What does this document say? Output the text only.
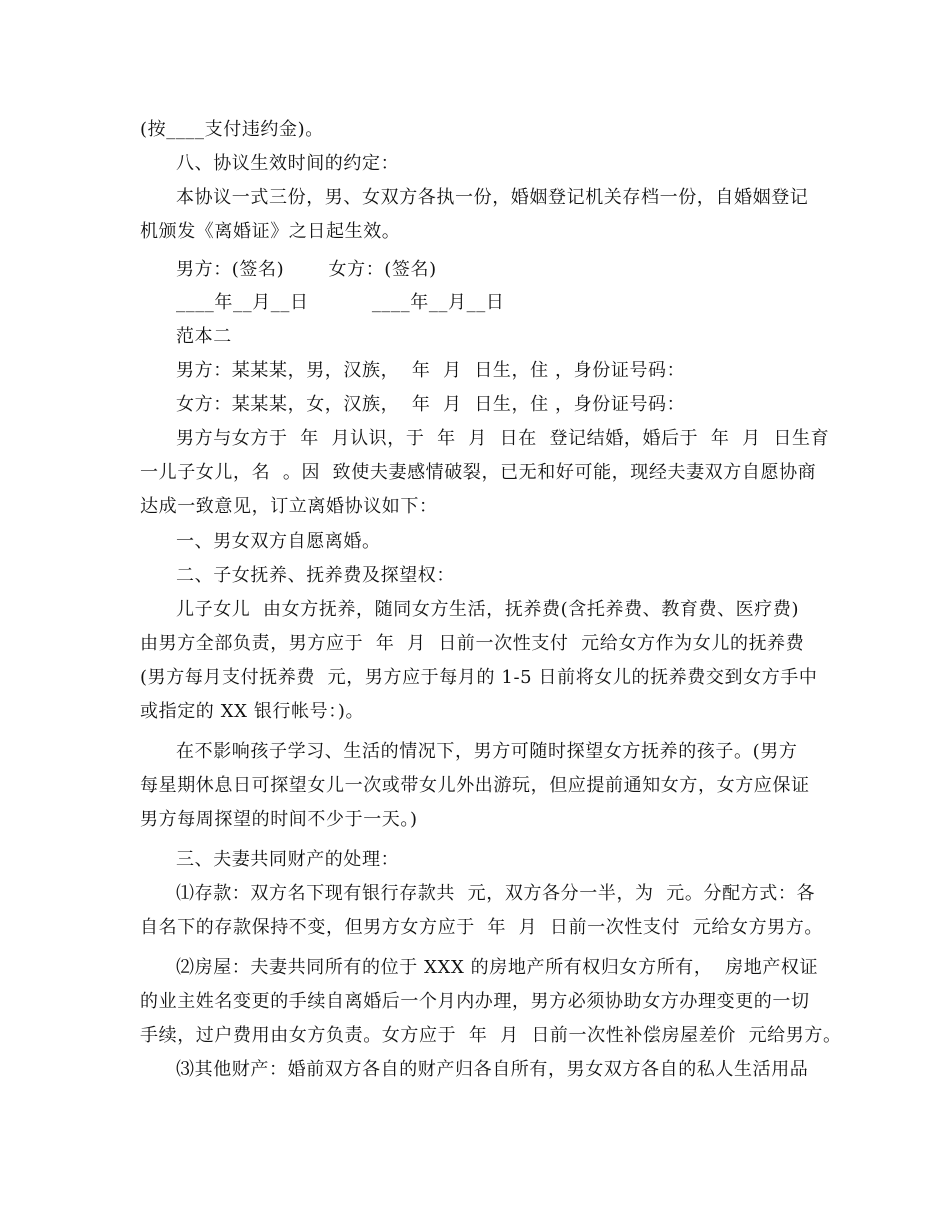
(按____支付违约金)。
八、协议生效时间的约定：
本协议一式三份，男、女双方各执一份，婚姻登记机关存档一份，自婚姻登记
机颁发《离婚证》之日起生效。
男方：(签名)       女方：(签名)
____年__月__日          ____年__月__日
范本二
男方：某某某，男，汉族，  年  月  日生，住 ，身份证号码：
女方：某某某，女，汉族，  年  月  日生，住 ，身份证号码：
男方与女方于  年  月认识，于  年  月  日在  登记结婚，婚后于  年  月  日生育
一儿子女儿，名  。因  致使夫妻感情破裂，已无和好可能，现经夫妻双方自愿协商
达成一致意见，订立离婚协议如下：
一、男女双方自愿离婚。
二、子女抚养、抚养费及探望权：
儿子女儿  由女方抚养，随同女方生活，抚养费(含托养费、教育费、医疗费)
由男方全部负责，男方应于  年  月  日前一次性支付  元给女方作为女儿的抚养费
(男方每月支付抚养费  元，男方应于每月的 1-5 日前将女儿的抚养费交到女方手中
或指定的 XX 银行帐号：)。
在不影响孩子学习、生活的情况下，男方可随时探望女方抚养的孩子。(男方
每星期休息日可探望女儿一次或带女儿外出游玩，但应提前通知女方，女方应保证
男方每周探望的时间不少于一天。)
三、夫妻共同财产的处理：
⑴存款：双方名下现有银行存款共  元，双方各分一半，为  元。分配方式：各
自名下的存款保持不变，但男方女方应于  年  月  日前一次性支付  元给女方男方。
⑵房屋：夫妻共同所有的位于 XXX 的房地产所有权归女方所有，  房地产权证
的业主姓名变更的手续自离婚后一个月内办理，男方必须协助女方办理变更的一切
手续，过户费用由女方负责。女方应于  年  月  日前一次性补偿房屋差价  元给男方。
⑶其他财产：婚前双方各自的财产归各自所有，男女双方各自的私人生活用品
